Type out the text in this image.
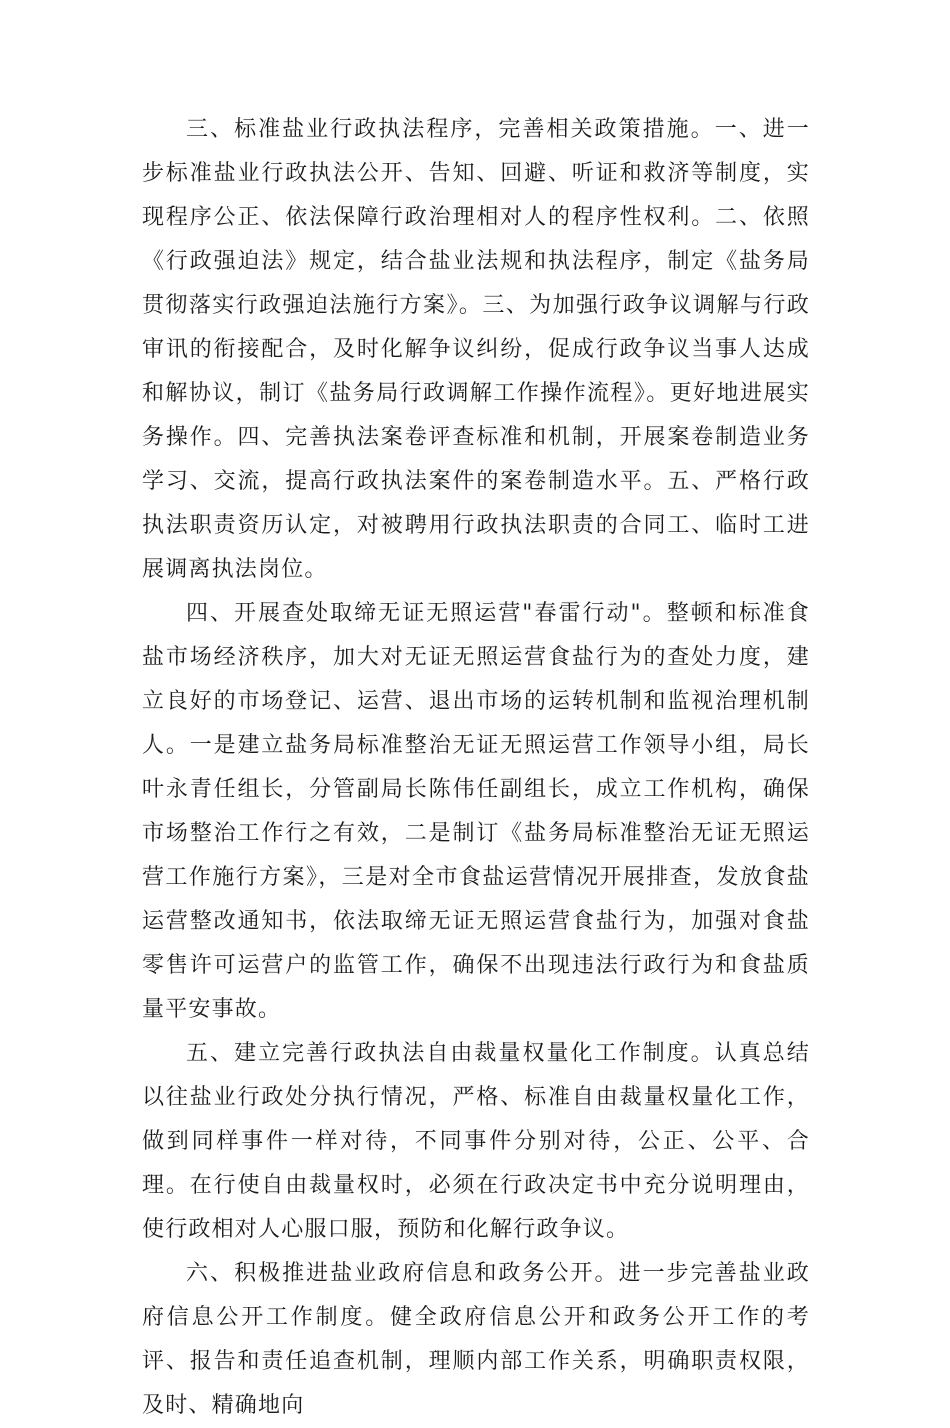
三、标准盐业行政执法程序，完善相关政策措施。一、进一步标准盐业行政执法公开、告知、回避、听证和救济等制度，实现程序公正、依法保障行政治理相对人的程序性权利。二、依照《行政强迫法》规定，结合盐业法规和执法程序，制定《盐务局贯彻落实行政强迫法施行方案》。三、为加强行政争议调解与行政审讯的衔接配合，及时化解争议纠纷，促成行政争议当事人达成和解协议，制订《盐务局行政调解工作操作流程》。更好地进展实务操作。四、完善执法案卷评查标准和机制，开展案卷制造业务学习、交流，提高行政执法案件的案卷制造水平。五、严格行政执法职责资历认定，对被聘用行政执法职责的合同工、临时工进展调离执法岗位。

四、开展查处取缔无证无照运营"春雷行动"。整顿和标准食盐市场经济秩序，加大对无证无照运营食盐行为的查处力度，建立良好的市场登记、运营、退出市场的运转机制和监视治理机制人。一是建立盐务局标准整治无证无照运营工作领导小组，局长叶永青任组长，分管副局长陈伟任副组长，成立工作机构，确保市场整治工作行之有效，二是制订《盐务局标准整治无证无照运营工作施行方案》，三是对全市食盐运营情况开展排查，发放食盐运营整改通知书，依法取缔无证无照运营食盐行为，加强对食盐零售许可运营户的监管工作，确保不出现违法行政行为和食盐质量平安事故。

五、建立完善行政执法自由裁量权量化工作制度。认真总结以往盐业行政处分执行情况，严格、标准自由裁量权量化工作，做到同样事件一样对待，不同事件分别对待，公正、公平、合理。在行使自由裁量权时，必须在行政决定书中充分说明理由，使行政相对人心服口服，预防和化解行政争议。

六、积极推进盐业政府信息和政务公开。进一步完善盐业政府信息公开工作制度。健全政府信息公开和政务公开工作的考评、报告和责任追查机制，理顺内部工作关系，明确职责权限，及时、精确地向
